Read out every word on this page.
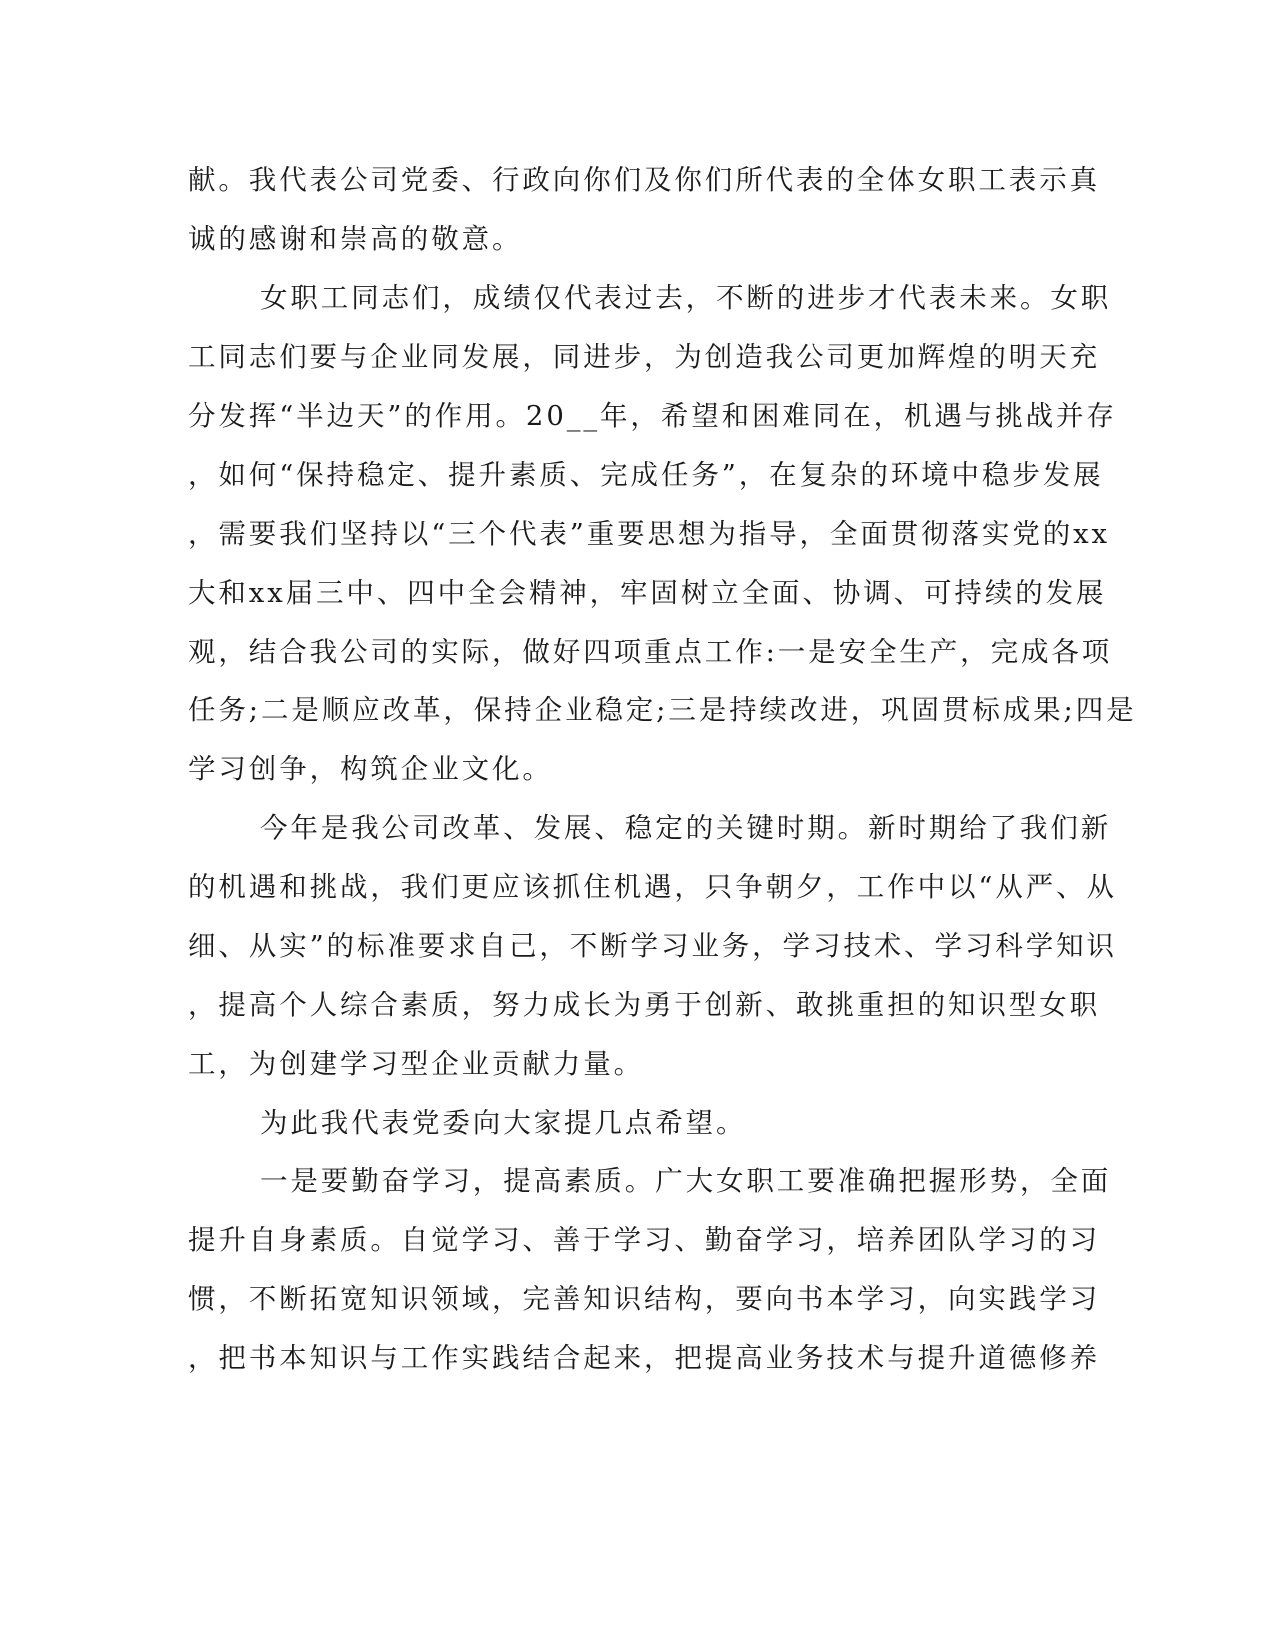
献。我代表公司党委、行政向你们及你们所代表的全体女职工表示真
诚的感谢和崇高的敬意。
女职工同志们，成绩仅代表过去，不断的进步才代表未来。女职
工同志们要与企业同发展，同进步，为创造我公司更加辉煌的明天充
分发挥“半边天”的作用。20__年，希望和困难同在，机遇与挑战并存
，如何“保持稳定、提升素质、完成任务”，在复杂的环境中稳步发展
，需要我们坚持以“三个代表”重要思想为指导，全面贯彻落实党的xx
大和xx届三中、四中全会精神，牢固树立全面、协调、可持续的发展
观，结合我公司的实际，做好四项重点工作:一是安全生产，完成各项
任务;二是顺应改革，保持企业稳定;三是持续改进，巩固贯标成果;四是
学习创争，构筑企业文化。
今年是我公司改革、发展、稳定的关键时期。新时期给了我们新
的机遇和挑战，我们更应该抓住机遇，只争朝夕，工作中以“从严、从
细、从实”的标准要求自己，不断学习业务，学习技术、学习科学知识
，提高个人综合素质，努力成长为勇于创新、敢挑重担的知识型女职
工，为创建学习型企业贡献力量。
为此我代表党委向大家提几点希望。
一是要勤奋学习，提高素质。广大女职工要准确把握形势，全面
提升自身素质。自觉学习、善于学习、勤奋学习，培养团队学习的习
惯，不断拓宽知识领域，完善知识结构，要向书本学习，向实践学习
，把书本知识与工作实践结合起来，把提高业务技术与提升道德修养
